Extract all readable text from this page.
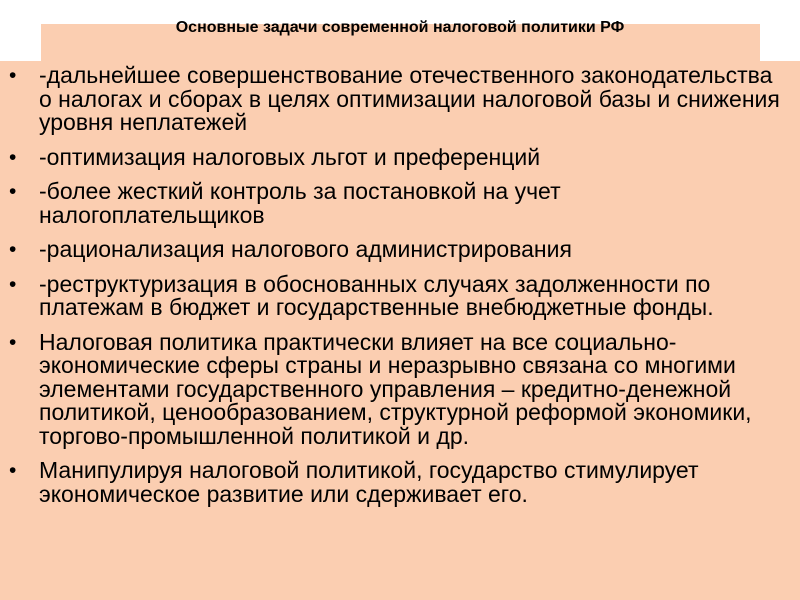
Основные задачи современной налоговой политики РФ
• -дальнейшее совершенствование отечественного законодательства о налогах и сборах в целях оптимизации налоговой базы и снижения уровня неплатежей
• -оптимизация налоговых льгот и преференций
• -более жесткий контроль за постановкой на учет налогоплательщиков
• -рационализация налогового администрирования
• -реструктуризация в обоснованных случаях задолженности по платежам в бюджет и государственные внебюджетные фонды.
• Налоговая политика практически влияет на все социально-экономические сферы страны и неразрывно связана со многими элементами государственного управления – кредитно-денежной политикой, ценообразованием, структурной реформой экономики, торгово-промышленной политикой и др.
• Манипулируя налоговой политикой, государство стимулирует экономическое развитие или сдерживает его.
